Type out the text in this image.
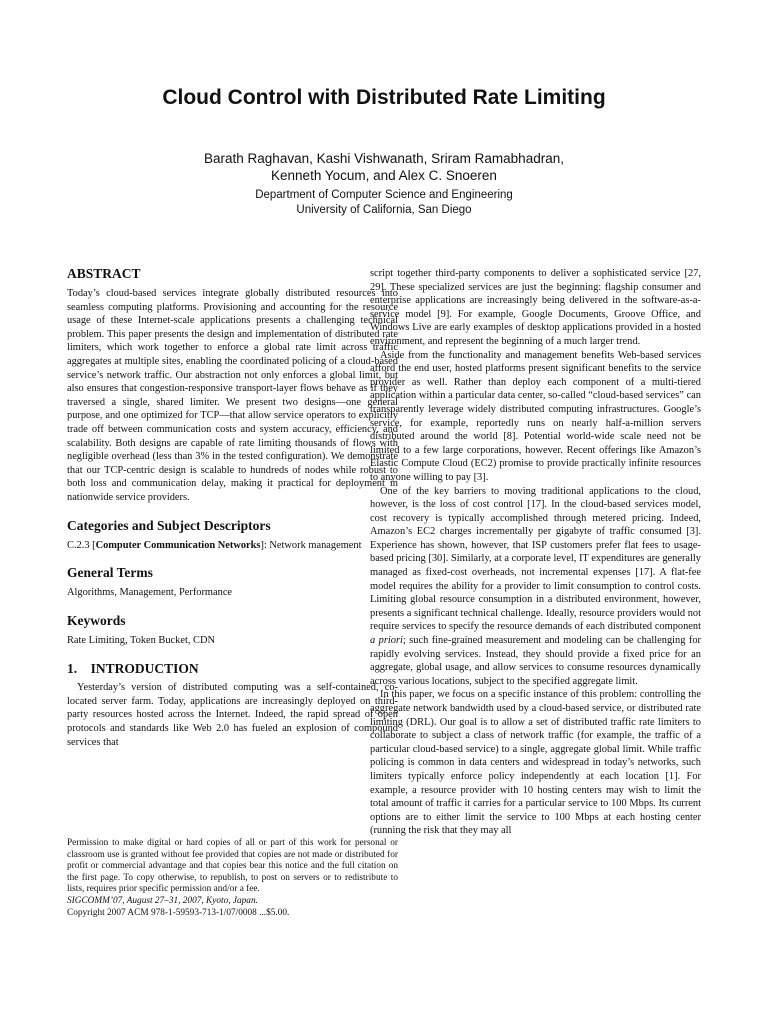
Cloud Control with Distributed Rate Limiting
Barath Raghavan, Kashi Vishwanath, Sriram Ramabhadran,
Kenneth Yocum, and Alex C. Snoeren
Department of Computer Science and Engineering
University of California, San Diego
ABSTRACT

Today’s cloud-based services integrate globally distributed resources into seamless computing platforms. Provisioning and accounting for the resource usage of these Internet-scale applications presents a challenging technical problem. This paper presents the design and implementation of distributed rate limiters, which work together to enforce a global rate limit across traffic aggregates at multiple sites, enabling the coordinated policing of a cloud-based service’s network traffic. Our abstraction not only enforces a global limit, but also ensures that congestion-responsive transport-layer flows behave as if they traversed a single, shared limiter. We present two designs—one general purpose, and one optimized for TCP—that allow service operators to explicitly trade off between communication costs and system accuracy, efficiency, and scalability. Both designs are capable of rate limiting thousands of flows with negligible overhead (less than 3% in the tested configuration). We demonstrate that our TCP-centric design is scalable to hundreds of nodes while robust to both loss and communication delay, making it practical for deployment in nationwide service providers.

Categories and Subject Descriptors

C.2.3 [Computer Communication Networks]: Network management

General Terms

Algorithms, Management, Performance

Keywords

Rate Limiting, Token Bucket, CDN

1.    INTRODUCTION

Yesterday’s version of distributed computing was a self-contained, co-located server farm. Today, applications are increasingly deployed on third-party resources hosted across the Internet. Indeed, the rapid spread of open protocols and standards like Web 2.0 has fueled an explosion of compound services that

Permission to make digital or hard copies of all or part of this work for personal or classroom use is granted without fee provided that copies are not made or distributed for profit or commercial advantage and that copies bear this notice and the full citation on the first page. To copy otherwise, to republish, to post on servers or to redistribute to lists, requires prior specific permission and/or a fee.

SIGCOMM’07, August 27–31, 2007, Kyoto, Japan.

Copyright 2007 ACM 978-1-59593-713-1/07/0008 ...$5.00.

script together third-party components to deliver a sophisticated service [27, 29]. These specialized services are just the beginning: flagship consumer and enterprise applications are increasingly being delivered in the software-as-a-service model [9]. For example, Google Documents, Groove Office, and Windows Live are early examples of desktop applications provided in a hosted environment, and represent the beginning of a much larger trend.

Aside from the functionality and management benefits Web-based services afford the end user, hosted platforms present significant benefits to the service provider as well. Rather than deploy each component of a multi-tiered application within a particular data center, so-called “cloud-based services” can transparently leverage widely distributed computing infrastructures. Google’s service, for example, reportedly runs on nearly half-a-million servers distributed around the world [8]. Potential world-wide scale need not be limited to a few large corporations, however. Recent offerings like Amazon’s Elastic Compute Cloud (EC2) promise to provide practically infinite resources to anyone willing to pay [3].

One of the key barriers to moving traditional applications to the cloud, however, is the loss of cost control [17]. In the cloud-based services model, cost recovery is typically accomplished through metered pricing. Indeed, Amazon’s EC2 charges incrementally per gigabyte of traffic consumed [3]. Experience has shown, however, that ISP customers prefer flat fees to usage-based pricing [30]. Similarly, at a corporate level, IT expenditures are generally managed as fixed-cost overheads, not incremental expenses [17]. A flat-fee model requires the ability for a provider to limit consumption to control costs. Limiting global resource consumption in a distributed environment, however, presents a significant technical challenge. Ideally, resource providers would not require services to specify the resource demands of each distributed component a priori; such fine-grained measurement and modeling can be challenging for rapidly evolving services. Instead, they should provide a fixed price for an aggregate, global usage, and allow services to consume resources dynamically across various locations, subject to the specified aggregate limit.

In this paper, we focus on a specific instance of this problem: controlling the aggregate network bandwidth used by a cloud-based service, or distributed rate limiting (DRL). Our goal is to allow a set of distributed traffic rate limiters to collaborate to subject a class of network traffic (for example, the traffic of a particular cloud-based service) to a single, aggregate global limit. While traffic policing is common in data centers and widespread in today’s networks, such limiters typically enforce policy independently at each location [1]. For example, a resource provider with 10 hosting centers may wish to limit the total amount of traffic it carries for a particular service to 100 Mbps. Its current options are to either limit the service to 100 Mbps at each hosting center (running the risk that they may all
